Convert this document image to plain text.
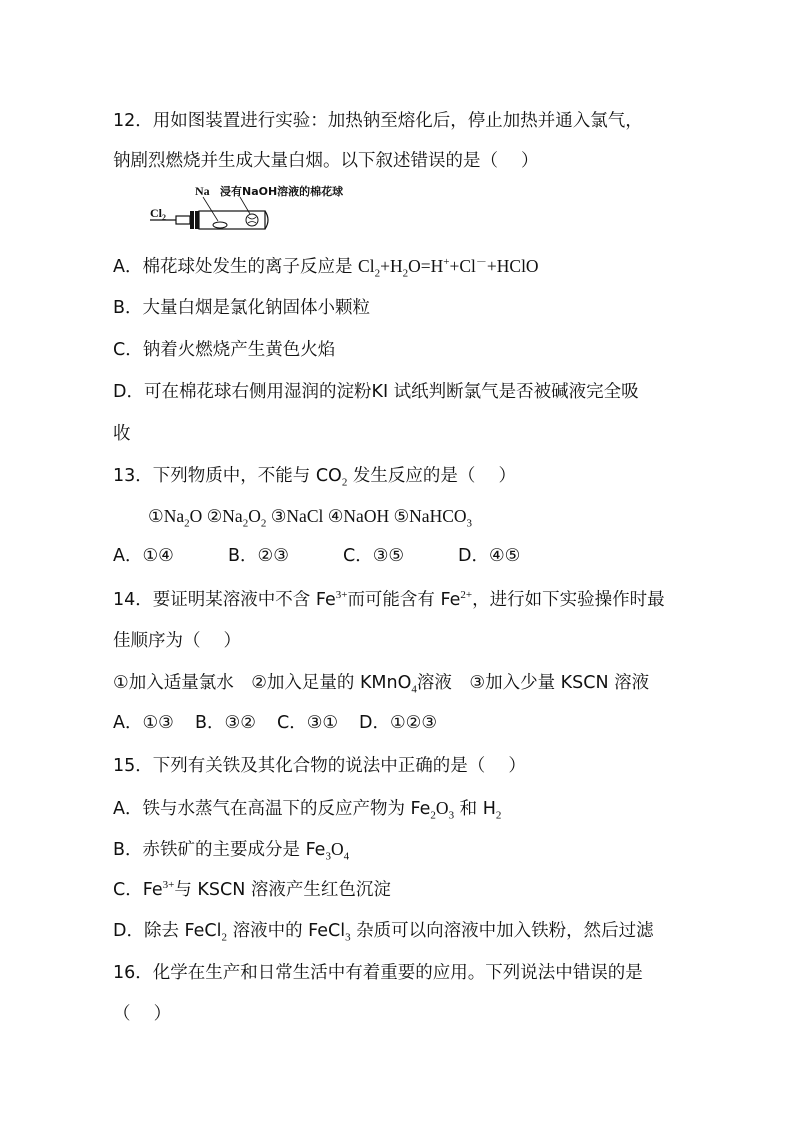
12．用如图装置进行实验：加热钠至熔化后，停止加热并通入氯气，
钠剧烈燃烧并生成大量白烟。以下叙述错误的是（　 ）
Na 浸有NaOH溶液的棉花球
$Cl_2$
A．棉花球处发生的离子反应是 $Cl_2+H_2O=H^++Cl^-+HClO$
B．大量白烟是氯化钠固体小颗粒
C．钠着火燃烧产生黄色火焰
D．可在棉花球右侧用湿润的淀粉KI 试纸判断氯气是否被碱液完全吸
收
13．下列物质中，不能与 $CO_2$ 发生反应的是（　 ）
$①Na_2O$ $②Na_2O_2$ ③NaCl ④NaOH ⑤NaHCO$_3$
A．①④	B．②③	C．③⑤	D．④⑤
14．要证明某溶液中不含 $Fe^{3+}$而可能含有 $Fe^{2+}$，进行如下实验操作时最
佳顺序为（　 ）
①加入适量氯水　②加入足量的 KMnO$_4$溶液　③加入少量 KSCN 溶液
A．①③ B．③② C．③① D．①②③
15．下列有关铁及其化合物的说法中正确的是（　 ）
A．铁与水蒸气在高温下的反应产物为 $Fe_2O_3$ 和 $H_2$
B．赤铁矿的主要成分是 $Fe_3O_4$
C．$Fe^{3+}$与 KSCN 溶液产生红色沉淀
D．除去 FeCl$_2$ 溶液中的 FeCl$_3$ 杂质可以向溶液中加入铁粉，然后过滤
16．化学在生产和日常生活中有着重要的应用。下列说法中错误的是
（　 ）
